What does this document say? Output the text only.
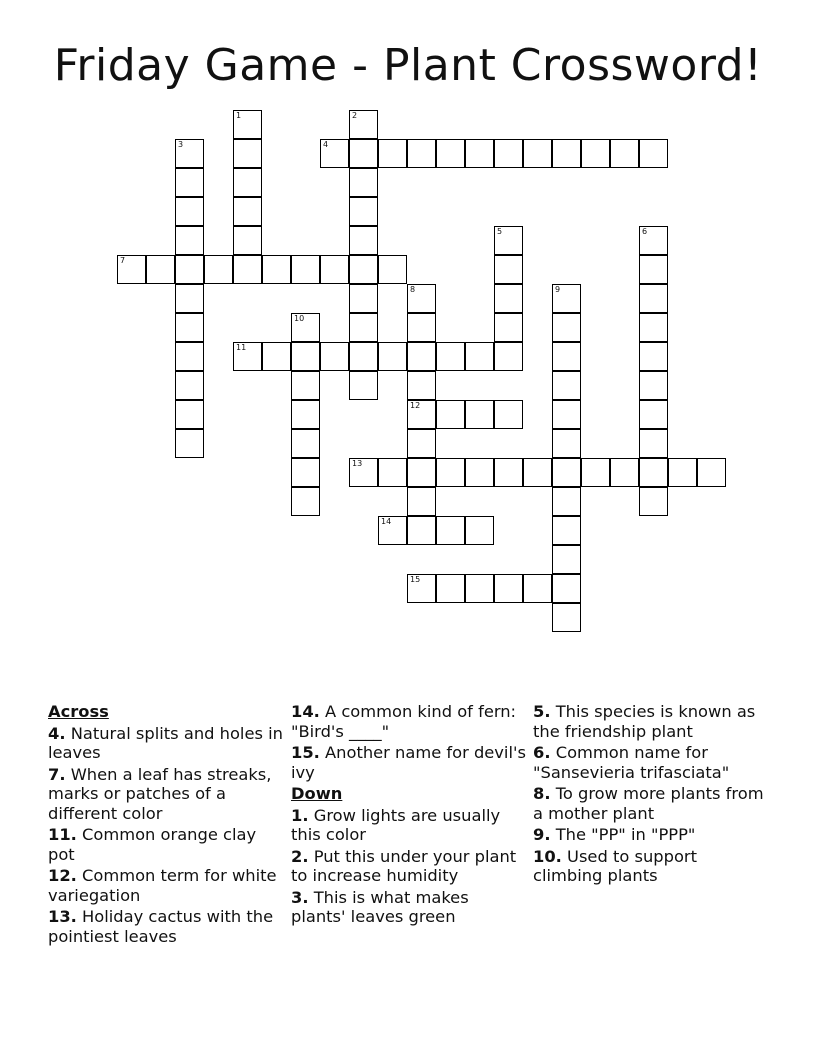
Friday Game - Plant Crossword!
1	2
3	4
5	6
7
8
12
9
10
11
13
14
15
Across
4. Natural splits and holes in leaves
7. When a leaf has streaks, marks or patches of a different color
11. Common orange clay pot
12. Common term for white variegation
13. Holiday cactus with the pointiest leaves
14. A common kind of fern: "Bird's ____"
15. Another name for devil's ivy
Down
1. Grow lights are usually this color
2. Put this under your plant to increase humidity
3. This is what makes plants' leaves green
5. This species is known as the friendship plant
6. Common name for "Sansevieria trifasciata"
8. To grow more plants from a mother plant
9. The "PP" in "PPP"
10. Used to support climbing plants
